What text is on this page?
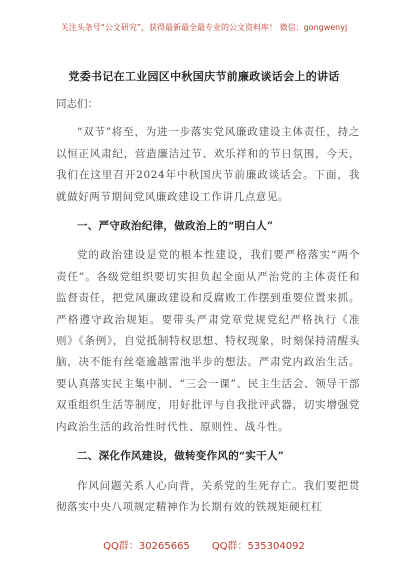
关注头条号“公文研究”，获得最新最全最专业的公文资料库！ 微信：gongwenyj
党委书记在工业园区中秋国庆节前廉政谈话会上的讲话

同志们：

“双节”将至，为进一步落实党风廉政建设主体责任，持之以恒正风肃纪，营造廉洁过节、欢乐祥和的节日氛围，今天，我们在这里召开2024年中秋国庆节前廉政谈话会。下面，我就做好两节期间党风廉政建设工作讲几点意见。

一、严守政治纪律，做政治上的“明白人”

党的政治建设是党的根本性建设，我们要严格落实“两个责任”。各级党组织要切实担负起全面从严治党的主体责任和监督责任，把党风廉政建设和反腐败工作摆到重要位置来抓。严格遵守政治规矩。要带头严肃党章党规党纪严格执行《准则》《条例》，自觉抵制特权思想、特权现象，时刻保持清醒头脑，决不能有丝毫逾越雷池半步的想法。严肃党内政治生活。要认真落实民主集中制、“三会一课”、民主生活会、领导干部双重组织生活等制度，用好批评与自我批评武器，切实增强党内政治生活的政治性时代性、原则性、战斗性。

二、深化作风建设，做转变作风的“实干人”

作风问题关系人心向背，关系党的生死存亡。我们要把贯彻落实中央八项规定精神作为长期有效的铁规矩硬杠杠

QQ群：30265665 QQ群：535304092
